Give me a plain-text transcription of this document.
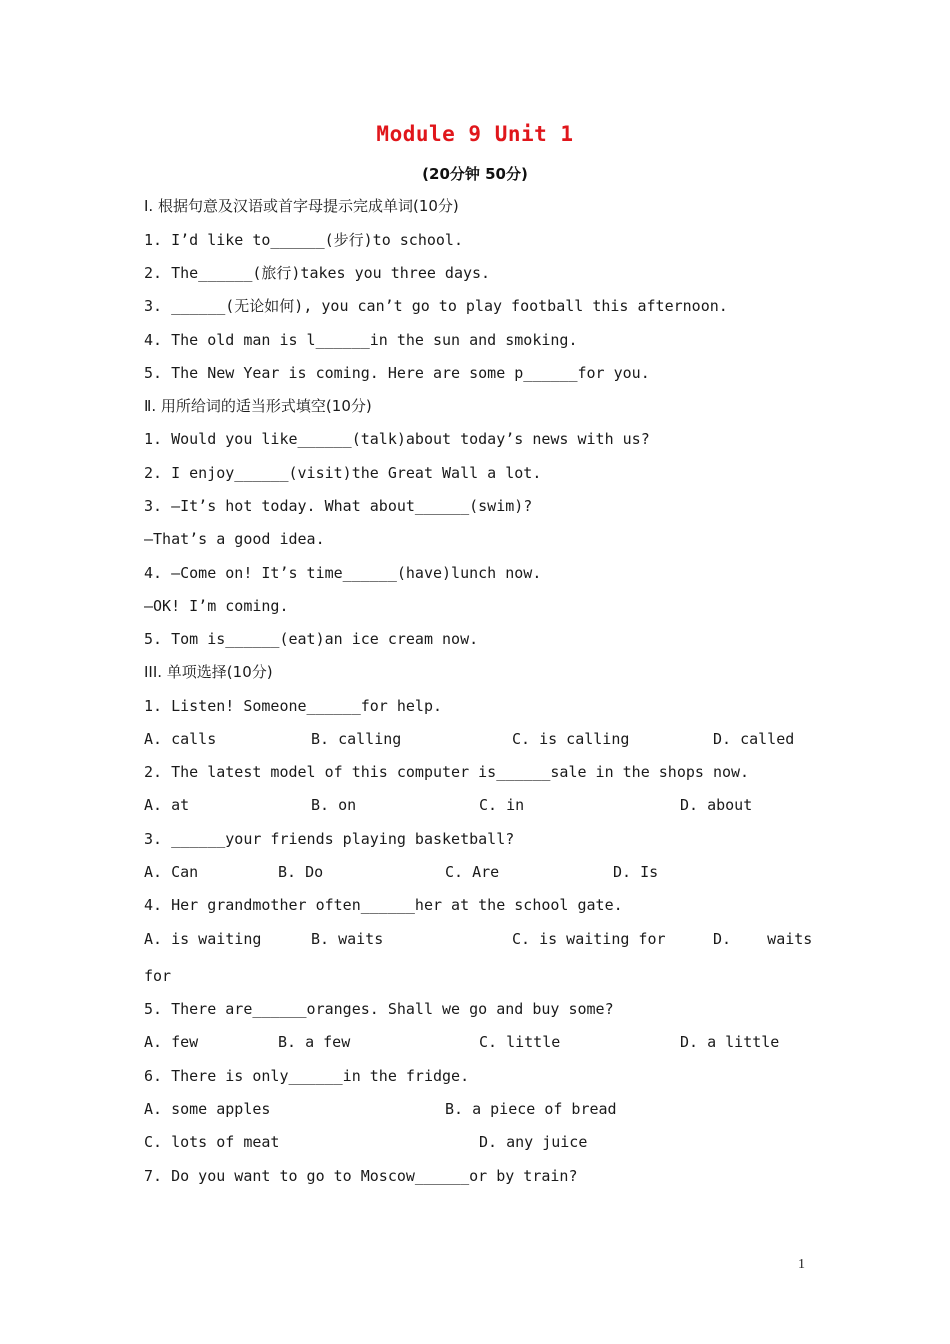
Module 9 Unit 1
(20分钟 50分)
Ⅰ. 根据句意及汉语或首字母提示完成单词(10分)
1. I’d like to______(步行)to school.
2. The______(旅行)takes you three days.
3. ______(无论如何), you can’t go to play football this afternoon.
4. The old man is l______in the sun and smoking.
5. The New Year is coming. Here are some p______for you.
Ⅱ. 用所给词的适当形式填空(10分)
1. Would you like______(talk)about today’s news with us?
2. I enjoy______(visit)the Great Wall a lot.
3. —It’s hot today. What about______(swim)?
—That’s a good idea.
4. —Come on! It’s time______(have)lunch now.
—OK! I’m coming.
5. Tom is______(eat)an ice cream now.
III. 单项选择(10分)
1. Listen! Someone______for help.
A. calls	B. calling	C. is calling	D. called
2. The latest model of this computer is______sale in the shops now.
A. at	B. on	C. in	D. about
3. ______your friends playing basketball?
A. Can	B. Do	C. Are	D. Is
4. Her grandmother often______her at the school gate.
A. is waiting	B. waits	C. is waiting for	D.    waits
for
5. There are______oranges. Shall we go and buy some?
A. few	B. a few	C. little	D. a little
6. There is only______in the fridge.
A. some apples	B. a piece of bread
C. lots of meat	D. any juice
7. Do you want to go to Moscow______or by train?
1
